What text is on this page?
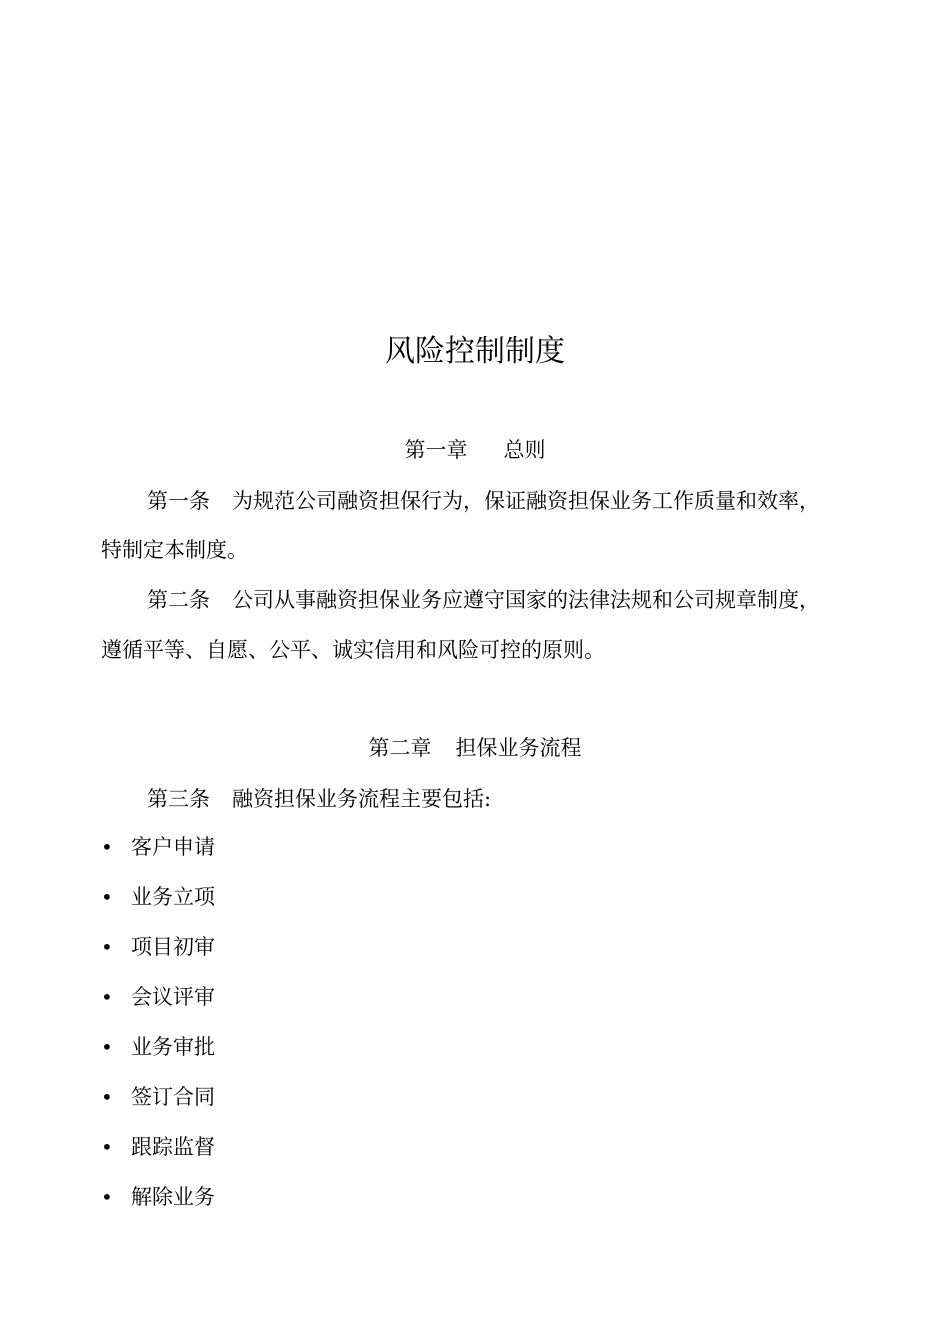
风险控制制度
第一章 总则
第一条 为规范公司融资担保行为，保证融资担保业务工作质量和效率，
特制定本制度。
第二条 公司从事融资担保业务应遵守国家的法律法规和公司规章制度，
遵循平等、自愿、公平、诚实信用和风险可控的原则。
第二章 担保业务流程
第三条 融资担保业务流程主要包括:
• 客户申请
• 业务立项
• 项目初审
• 会议评审
• 业务审批
• 签订合同
• 跟踪监督
• 解除业务
